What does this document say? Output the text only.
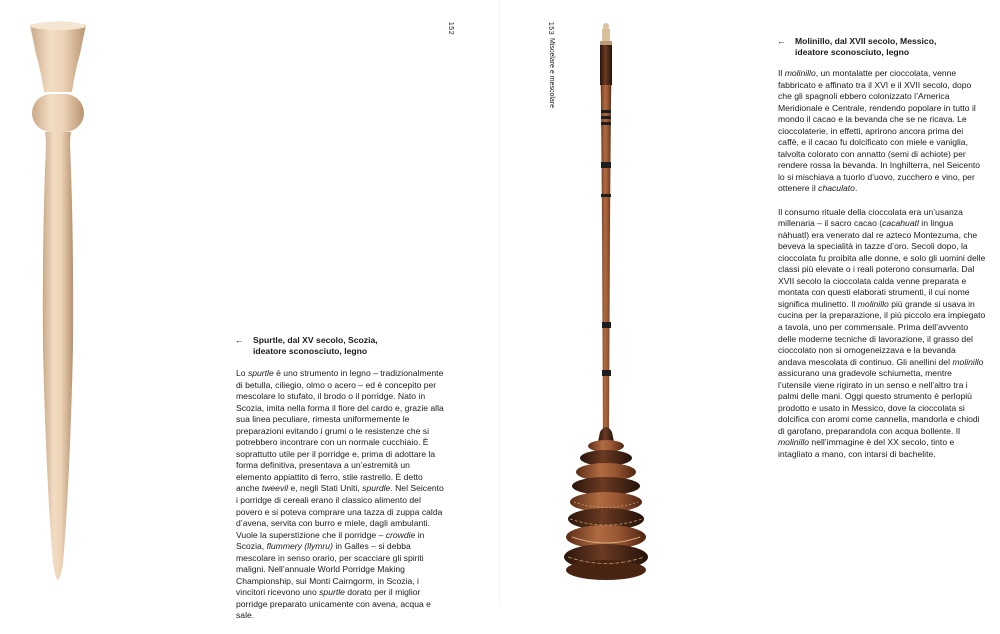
152
← Spurtle, dal XV secolo, Scozia,
ideatore sconosciuto, legno

Lo spurtle è uno strumento in legno – tradizionalmente di betulla, ciliegio, olmo o acero – ed è concepito per mescolare lo stufato, il brodo o il porridge. Nato in Scozia, imita nella forma il fiore del cardo e, grazie alla sua linea peculiare, rimesta uniformemente le preparazioni evitando i grumi o le resistenze che si potrebbero incontrare con un normale cucchiaio. È soprattutto utile per il porridge e, prima di adottare la forma definitiva, presentava a un’estremità un elemento appiattito di ferro, stile rastrello. È detto anche tweevil e, negli Stati Uniti, spurdle. Nel Seicento i porridge di cereali erano il classico alimento del povero e si poteva comprare una tazza di zuppa calda d’avena, servita con burro e miele, dagli ambulanti. Vuole la superstizione che il porridge – crowdie in Scozia, flummery (llymru) in Galles – si debba mescolare in senso orario, per scacciare gli spiriti maligni. Nell’annuale World Porridge Making Championship, sui Monti Cairngorm, in Scozia, i vincitori ricevono uno spurtle dorato per il miglior porridge preparato unicamente con avena, acqua e sale.

153
Miscelare e mescolare	← Molinillo, dal XVII secolo, Messico,
ideatore sconosciuto, legno

Il molinillo, un montalatte per cioccolata, venne fabbricato e affinato tra il XVI e il XVII secolo, dopo che gli spagnoli ebbero colonizzato l’America Meridionale e Centrale, rendendo popolare in tutto il mondo il cacao e la bevanda che se ne ricava. Le cioccolaterie, in effetti, aprirono ancora prima dei caffè, e il cacao fu dolcificato con miele e vaniglia, talvolta colorato con annatto (semi di achiote) per rendere rossa la bevanda. In Inghilterra, nel Seicento lo si mischiava a tuorlo d’uovo, zucchero e vino, per ottenere il chaculato.

Il consumo rituale della cioccolata era un’usanza millenaria – il sacro cacao (cacahuatl in lingua nàhuatl) era venerato dal re azteco Montezuma, che beveva la specialità in tazze d’oro. Secoli dopo, la cioccolata fu proibita alle donne, e solo gli uomini delle classi più elevate o i reali poterono consumarla. Dal XVII secolo la cioccolata calda venne preparata e montata con questi elaborati strumenti, il cui nome significa mulinetto. Il molinillo più grande si usava in cucina per la preparazione, il più piccolo era impiegato a tavola, uno per commensale. Prima dell’avvento delle moderne tecniche di lavorazione, il grasso del cioccolato non si omogeneizzava e la bevanda andava mescolata di continuo. Gli anellini del molinillo assicurano una gradevole schiumetta, mentre l’utensile viene rigirato in un senso e nell’altro tra i palmi delle mani. Oggi questo strumento è perlopiù prodotto e usato in Messico, dove la cioccolata si dolcifica con aromi come cannella, mandorla e chiodi di garofano, preparandola con acqua bollente. Il molinillo nell’immagine è del XX secolo, tinto e intagliato a mano, con intarsi di bachelite.
